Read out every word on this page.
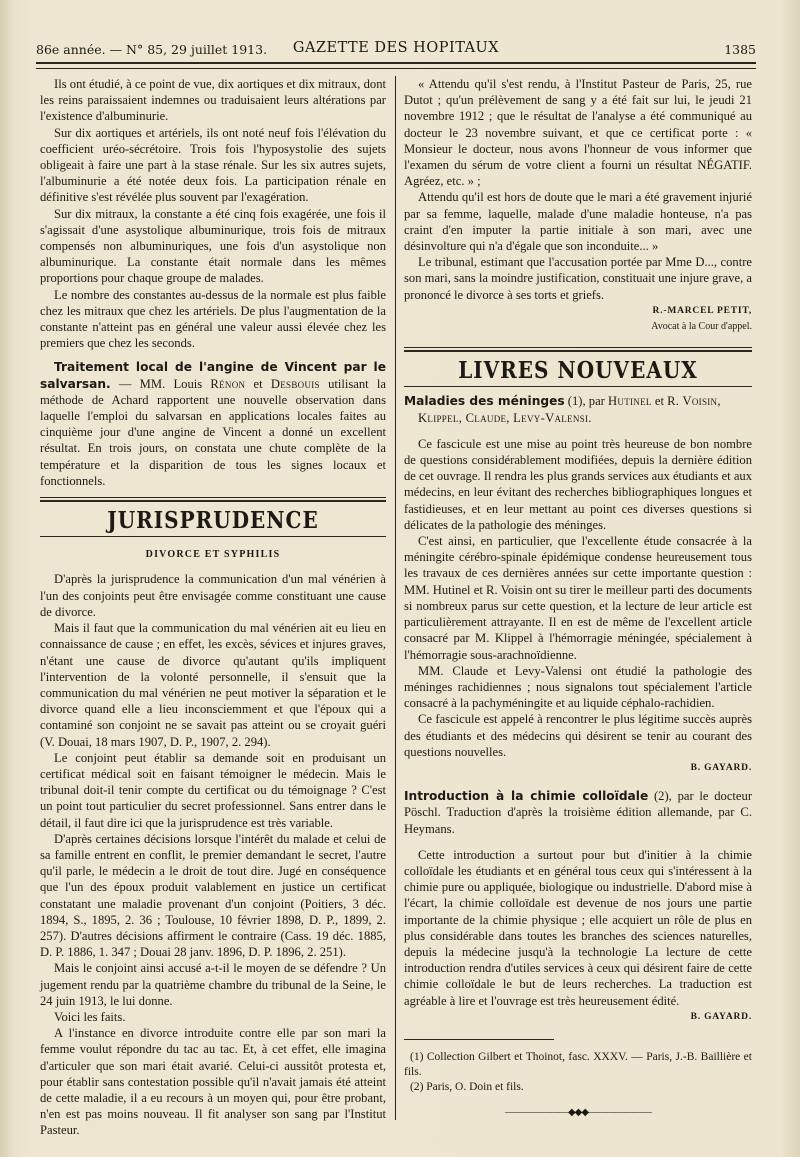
86e année. — N° 85, 29 juillet 1913.	GAZETTE DES HOPITAUX	1385

Ils ont étudié, à ce point de vue, dix aortiques et dix mitraux, dont les reins paraissaient indemnes ou traduisaient leurs altérations par l'existence d'albuminurie.

Sur dix aortiques et artériels, ils ont noté neuf fois l'élévation du coefficient uréo-sécrétoire. Trois fois l'hyposystolie des sujets obligeait à faire une part à la stase rénale. Sur les six autres sujets, l'albuminurie a été notée deux fois. La participation rénale en définitive s'est révélée plus souvent par l'exagération.

Sur dix mitraux, la constante a été cinq fois exagérée, une fois il s'agissait d'une asystolique albuminurique, trois fois de mitraux compensés non albuminuriques, une fois d'un asystolique non albuminurique. La constante était normale dans les mêmes proportions pour chaque groupe de malades.

Le nombre des constantes au-dessus de la normale est plus faible chez les mitraux que chez les artériels. De plus l'augmentation de la constante n'atteint pas en général une valeur aussi élevée chez les premiers que chez les seconds.

Traitement local de l'angine de Vincent par le salvarsan. — MM. Louis Rénon et Desbouis utilisant la méthode de Achard rapportent une nouvelle observation dans laquelle l'emploi du salvarsan en applications locales faites au cinquième jour d'une angine de Vincent a donné un excellent résultat. En trois jours, on constata une chute complète de la température et la disparition de tous les signes locaux et fonctionnels.

JURISPRUDENCE
DIVORCE ET SYPHILIS

D'après la jurisprudence la communication d'un mal vénérien à l'un des conjoints peut être envisagée comme constituant une cause de divorce.

Mais il faut que la communication du mal vénérien ait eu lieu en connaissance de cause ; en effet, les excès, sévices et injures graves, n'étant une cause de divorce qu'autant qu'ils impliquent l'intervention de la volonté personnelle, il s'ensuit que la communication du mal vénérien ne peut motiver la séparation et le divorce quand elle a lieu inconsciemment et que l'époux qui a contaminé son conjoint ne se savait pas atteint ou se croyait guéri (V. Douai, 18 mars 1907, D. P., 1907, 2. 294).

Le conjoint peut établir sa demande soit en produisant un certificat médical soit en faisant témoigner le médecin. Mais le tribunal doit-il tenir compte du certificat ou du témoignage ? C'est un point tout particulier du secret professionnel. Sans entrer dans le détail, il faut dire ici que la jurisprudence est très variable.

D'après certaines décisions lorsque l'intérêt du malade et celui de sa famille entrent en conflit, le premier demandant le secret, l'autre qu'il parle, le médecin a le droit de tout dire. Jugé en conséquence que l'un des époux produit valablement en justice un certificat constatant une maladie provenant d'un conjoint (Poitiers, 3 déc. 1894, S., 1895, 2. 36 ; Toulouse, 10 février 1898, D. P., 1899, 2. 257). D'autres décisions affirment le contraire (Cass. 19 déc. 1885, D. P. 1886, 1. 347 ; Douai 28 janv. 1896, D. P. 1896, 2. 251).

Mais le conjoint ainsi accusé a-t-il le moyen de se défendre ? Un jugement rendu par la quatrième chambre du tribunal de la Seine, le 24 juin 1913, le lui donne.

Voici les faits.

A l'instance en divorce introduite contre elle par son mari la femme voulut répondre du tac au tac. Et, à cet effet, elle imagina d'articuler que son mari était avarié. Celui-ci aussitôt protesta et, pour établir sans contestation possible qu'il n'avait jamais été atteint de cette maladie, il a eu recours à un moyen qui, pour être probant, n'en est pas moins nouveau. Il fit analyser son sang par l'Institut Pasteur.

« Attendu qu'il s'est rendu, à l'Institut Pasteur de Paris, 25, rue Dutot ; qu'un prélèvement de sang y a été fait sur lui, le jeudi 21 novembre 1912 ; que le résultat de l'analyse a été communiqué au docteur le 23 novembre suivant, et que ce certificat porte : « Monsieur le docteur, nous avons l'honneur de vous informer que l'examen du sérum de votre client a fourni un résultat NÉGATIF. Agréez, etc. » ;

Attendu qu'il est hors de doute que le mari a été gravement injurié par sa femme, laquelle, malade d'une maladie honteuse, n'a pas craint d'en imputer la partie initiale à son mari, avec une désinvolture qui n'a d'égale que son inconduite... »

Le tribunal, estimant que l'accusation portée par Mme D..., contre son mari, sans la moindre justification, constituait une injure grave, a prononcé le divorce à ses torts et griefs.

R.-MARCEL PETIT,
Avocat à la Cour d'appel.
LIVRES NOUVEAUX

Maladies des méninges (1), par Hutinel et R. Voisin,
Klippel, Claude, Levy-Valensi.

Ce fascicule est une mise au point très heureuse de bon nombre de questions considérablement modifiées, depuis la dernière édition de cet ouvrage. Il rendra les plus grands services aux étudiants et aux médecins, en leur évitant des recherches bibliographiques longues et fastidieuses, et en leur mettant au point ces diverses questions si délicates de la pathologie des méninges.

C'est ainsi, en particulier, que l'excellente étude consacrée à la méningite cérébro-spinale épidémique condense heureusement tous les travaux de ces dernières années sur cette importante question : MM. Hutinel et R. Voisin ont su tirer le meilleur parti des documents si nombreux parus sur cette question, et la lecture de leur article est particulièrement attrayante. Il en est de même de l'excellent article consacré par M. Klippel à l'hémorragie méningée, spécialement à l'hémorragie sous-arachnoïdienne.

MM. Claude et Levy-Valensi ont étudié la pathologie des méninges rachidiennes ; nous signalons tout spécialement l'article consacré à la pachyméningite et au liquide céphalo-rachidien.

Ce fascicule est appelé à rencontrer le plus légitime succès auprès des étudiants et des médecins qui désirent se tenir au courant des questions nouvelles.

B. GAYARD.

Introduction à la chimie colloïdale (2), par le docteur Pöschl. Traduction d'après la troisième édition allemande, par C. Heymans.

Cette introduction a surtout pour but d'initier à la chimie colloïdale les étudiants et en général tous ceux qui s'intéressent à la chimie pure ou appliquée, biologique ou industrielle. D'abord mise à l'écart, la chimie colloïdale est devenue de nos jours une partie importante de la chimie physique ; elle acquiert un rôle de plus en plus considérable dans toutes les branches des sciences naturelles, depuis la médecine jusqu'à la technologie La lecture de cette introduction rendra d'utiles services à ceux qui désirent faire de cette chimie colloïdale le but de leurs recherches. La traduction est agréable à lire et l'ouvrage est très heureusement édité.

B. GAYARD.

(1) Collection Gilbert et Thoinot, fasc. XXXV. — Paris, J.-B. Baillière et fils.

(2) Paris, O. Doin et fils.

———————◆◆◆———————
